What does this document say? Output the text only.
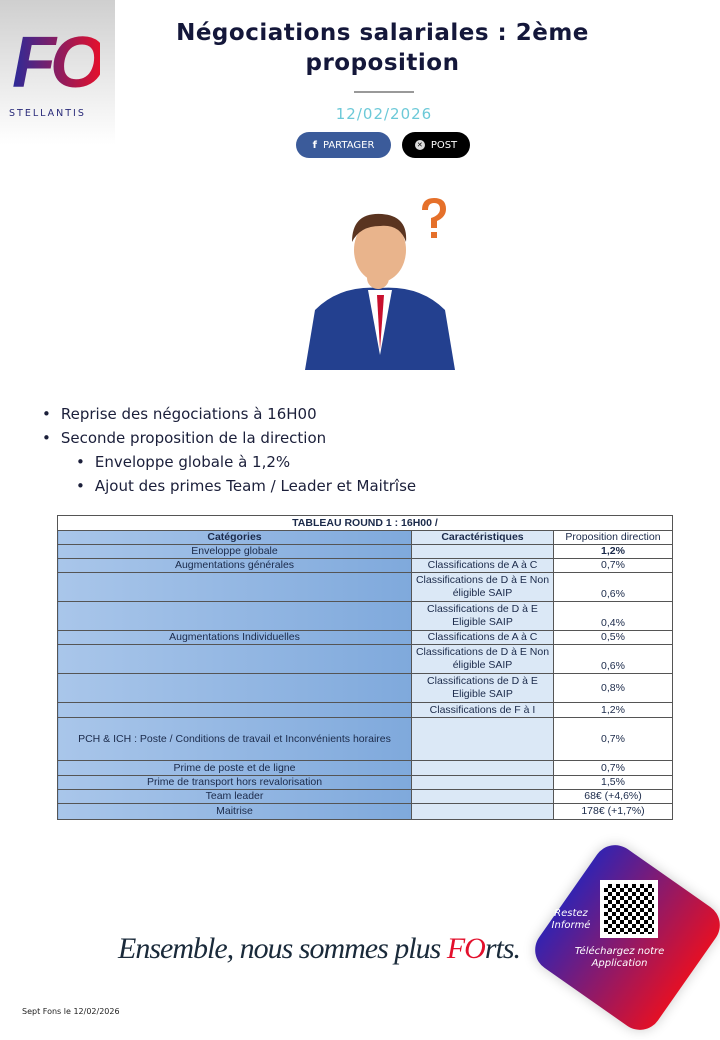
FO
STELLANTIS
Négociations salariales : 2ème proposition
12/02/2026
f PARTAGER	✕ POST
• Reprise des négociations à 16H00
• Seconde proposition de la direction
• Enveloppe globale à 1,2%
• Ajout des primes Team / Leader et Maitrîse
TABLEAU ROUND 1 : 16H00 /		
Catégories	Caractéristiques	Proposition direction
Enveloppe globale		1,2%
Augmentations générales	Classifications de A à C	0,7%
	Classifications de D à E Non éligible SAIP	0,6%
	Classifications de D à E Eligible SAIP	0,4%
Augmentations Individuelles	Classifications de A à C	0,5%
	Classifications de D à E Non éligible SAIP	0,6%
	Classifications de D à E Eligible SAIP	0,8%
	Classifications de F à I	1,2%
PCH & ICH : Poste / Conditions de travail et Inconvénients horaires		0,7%
Prime de poste et de ligne		0,7%
Prime de transport hors revalorisation		1,5%
Team leader		68€ (+4,6%)
Maitrise		178€ (+1,7%)
Restez Informé
Téléchargez notre Application
Ensemble, nous sommes plus FOrts.
Sept Fons le 12/02/2026
